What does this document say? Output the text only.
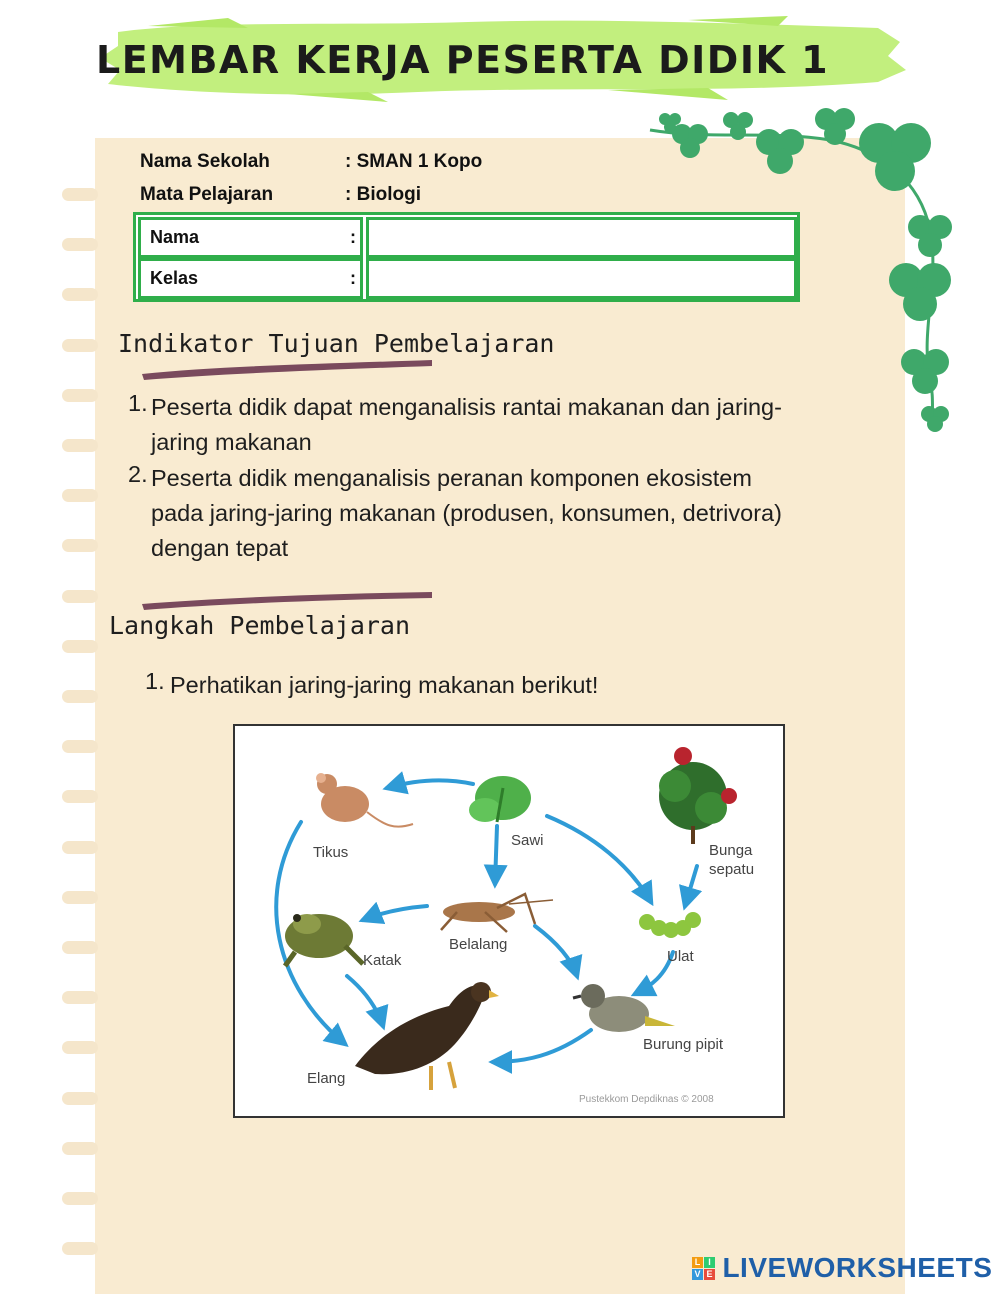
LEMBAR KERJA PESERTA DIDIK 1
Nama Sekolah	: SMAN 1 Kopo
Mata Pelajaran	: Biologi
Nama	:
Kelas	:
Indikator Tujuan Pembelajaran
1. Peserta didik dapat menganalisis rantai makanan dan jaring-
jaring makanan
2. Peserta didik menganalisis peranan komponen ekosistem
pada jaring-jaring makanan (produsen, konsumen, detrivora)
dengan tepat
Langkah Pembelajaran
1. Perhatikan jaring-jaring makanan berikut!
Tikus
Sawi
Bunga
sepatu
Belalang
Katak	Ulat
Elang
Burung pipit
Pustekkom Depdiknas © 2008
L I
V E LIVEWORKSHEETS
